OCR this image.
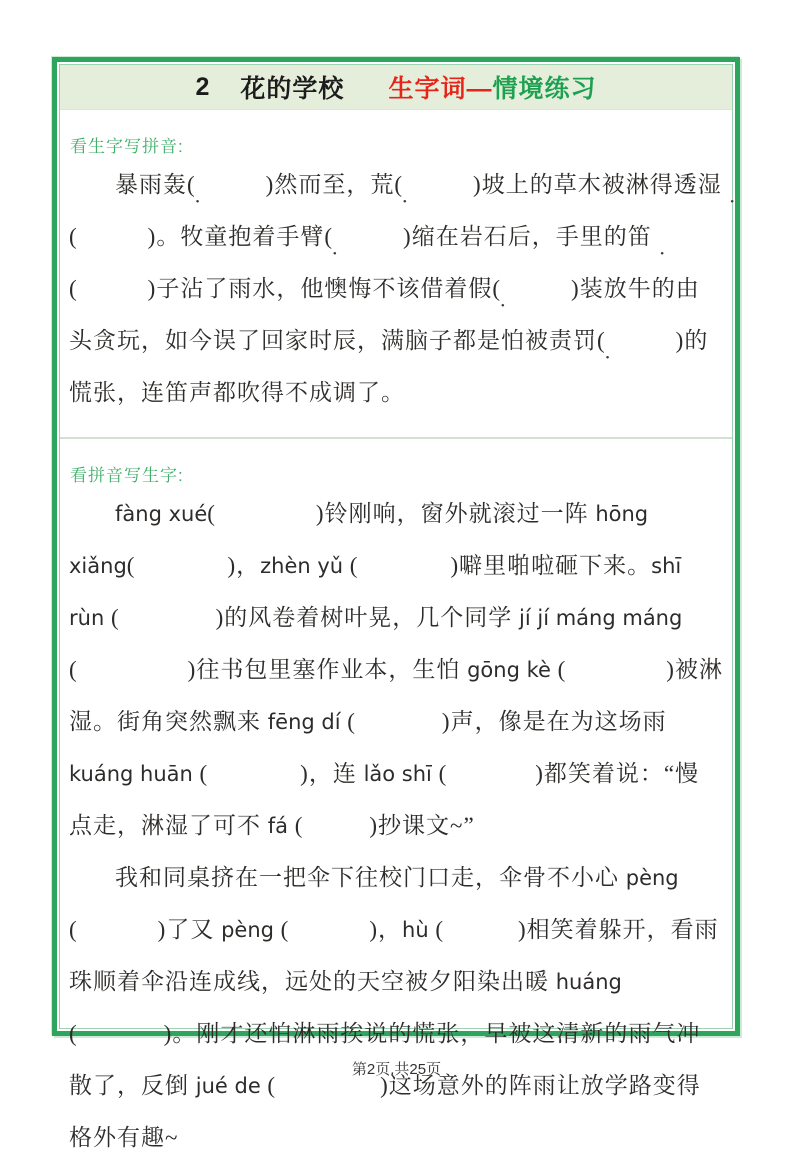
2 花的学校 生字词— 情境练习
看生字写拼音:
暴雨轰(	)然而至，荒(	)坡上的草木被淋得透湿(	)。牧童抱着手臂(	)缩在岩石后，手里的笛(	)子沾了雨水，他懊悔不该借着假(	)装放牛的由头贪玩，如今误了回家时辰，满脑子都是怕被责罚(	)的慌张，连笛声都吹得不成调了。
看拼音写生字:
fàng xué(	)铃刚响，窗外就滚过一阵 hōng xiǎng(	)，zhèn yǔ (	)噼里啪啦砸下来。shī rùn (	)的风卷着树叶晃，几个同学 jí jí máng máng (	)往书包里塞作业本，生怕 gōng kè (	)被淋湿。街角突然飘来 fēng dí (	)声，像是在为这场雨 kuáng huān (	)，连 lǎo shī (	)都笑着说：“慢点走，淋湿了可不 fá (	)抄课文~”
我和同桌挤在一把伞下往校门口走，伞骨不小心 pèng (	)了又 pèng (	)，hù (	)相笑着躲开，看雨珠顺着伞沿连成线，远处的天空被夕阳染出暖 huáng (	)。刚才还怕淋雨挨说的慌张，早被这清新的雨气冲散了，反倒 jué de (	)这场意外的阵雨让放学路变得格外有趣~
第2页,共25页
